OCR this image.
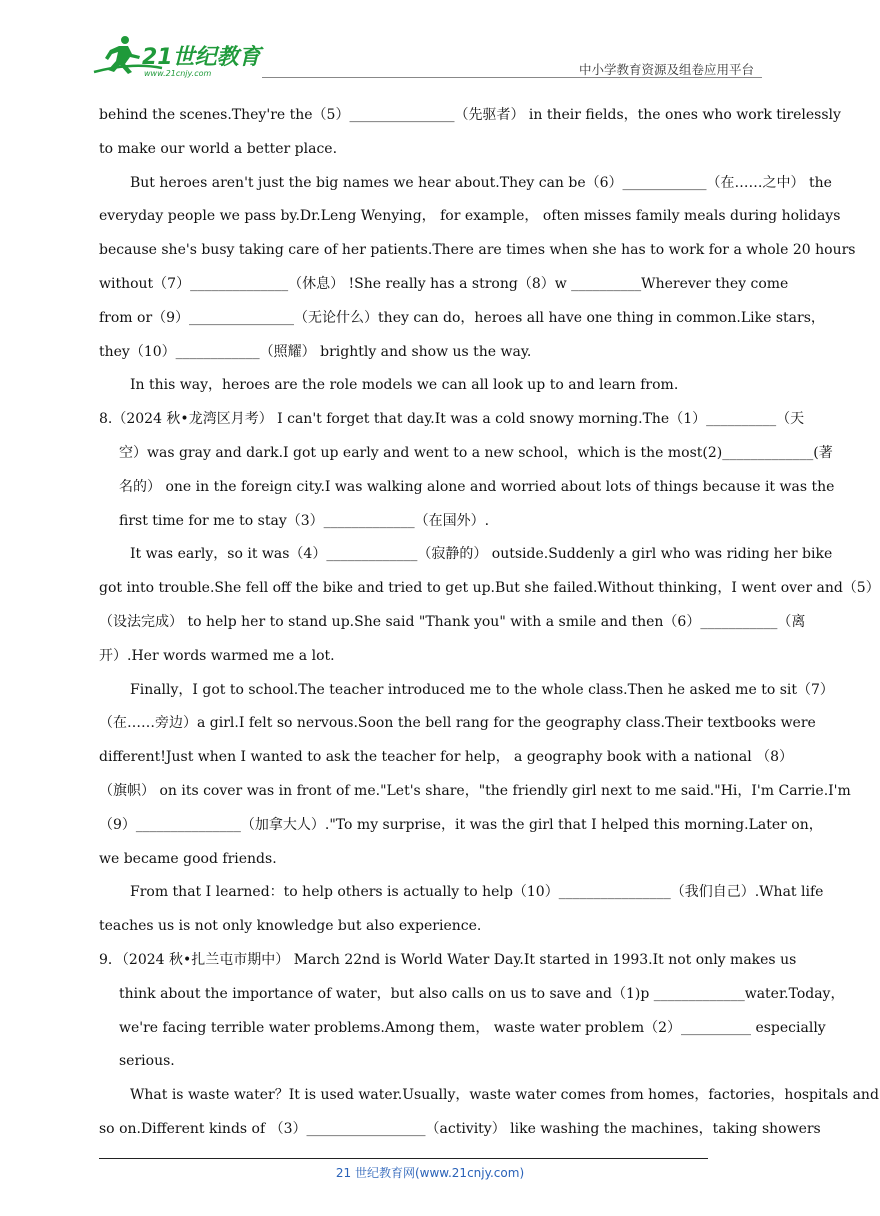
21世纪教育
www.21cnjy.com	中小学教育资源及组卷应用平台
behind the scenes.They're the（5）_______________（先驱者） in their fields，the ones who work tirelessly
to make our world a better place.
But heroes aren't just the big names we hear about.They can be（6）____________（在……之中） the
everyday people we pass by.Dr.Leng Wenying， for example， often misses family meals during holidays
because she's busy taking care of her patients.There are times when she has to work for a whole 20 hours
without（7）______________（休息） !She really has a strong（8）w __________Wherever they come
from or（9）_______________（无论什么）they can do，heroes all have one thing in common.Like stars，
they（10）____________（照耀） brightly and show us the way.
In this way，heroes are the role models we can all look up to and learn from.
8.（2024 秋•龙湾区月考） I can't forget that day.It was a cold snowy morning.The（1）__________（天
空）was gray and dark.I got up early and went to a new school，which is the most(2)_____________(著
名的） one in the foreign city.I was walking alone and worried about lots of things because it was the
first time for me to stay（3）_____________（在国外）.
It was early，so it was（4）_____________（寂静的） outside.Suddenly a girl who was riding her bike
got into trouble.She fell off the bike and tried to get up.But she failed.Without thinking，I went over and（5）
（设法完成） to help her to stand up.She said "Thank you" with a smile and then（6）___________（离
开）.Her words warmed me a lot.
Finally，I got to school.The teacher introduced me to the whole class.Then he asked me to sit（7）
（在……旁边）a girl.I felt so nervous.Soon the bell rang for the geography class.Their textbooks were
different!Just when I wanted to ask the teacher for help， a geography book with a national （8）
（旗帜） on its cover was in front of me."Let's share，"the friendly girl next to me said."Hi，I'm Carrie.I'm
（9）_______________（加拿大人）."To my surprise，it was the girl that I helped this morning.Later on，
we became good friends.
From that I learned：to help others is actually to help（10）________________（我们自己）.What life
teaches us is not only knowledge but also experience.
9．（2024 秋•扎兰屯市期中） March 22nd is World Water Day.It started in 1993.It not only makes us
think about the importance of water，but also calls on us to save and（1)p _____________water.Today，
we're facing terrible water problems.Among them， waste water problem（2）__________ especially
serious.
What is waste water？It is used water.Usually，waste water comes from homes，factories，hospitals and
so on.Different kinds of （3）_________________（activity） like washing the machines，taking showers
21 世纪教育网(www.21cnjy.com)
